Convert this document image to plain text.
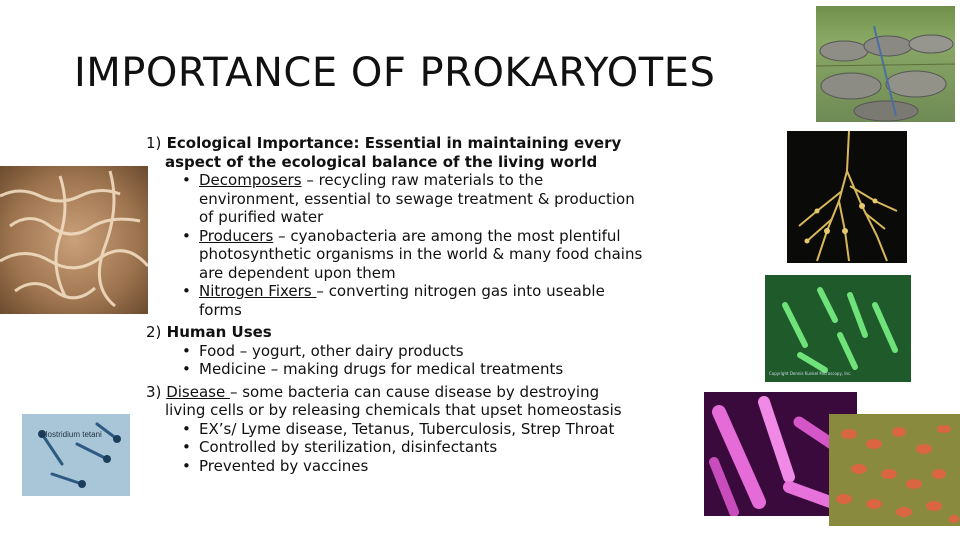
IMPORTANCE OF PROKARYOTES
Copyright Dennis Kunkel Microscopy, Inc.
Clostridium tetani
1) Ecological Importance: Essential in maintaining every
aspect of the ecological balance of the living world
• Decomposers – recycling raw materials to the
environment, essential to sewage treatment & production
of purified water
• Producers – cyanobacteria are among the most plentiful
photosynthetic organisms in the world & many food chains
are dependent upon them
• Nitrogen Fixers – converting nitrogen gas into useable
forms
2) Human Uses
• Food – yogurt, other dairy products
• Medicine – making drugs for medical treatments
3) Disease – some bacteria can cause disease by destroying
living cells or by releasing chemicals that upset homeostasis
• EX’s/ Lyme disease, Tetanus, Tuberculosis, Strep Throat
• Controlled by sterilization, disinfectants
• Prevented by vaccines
